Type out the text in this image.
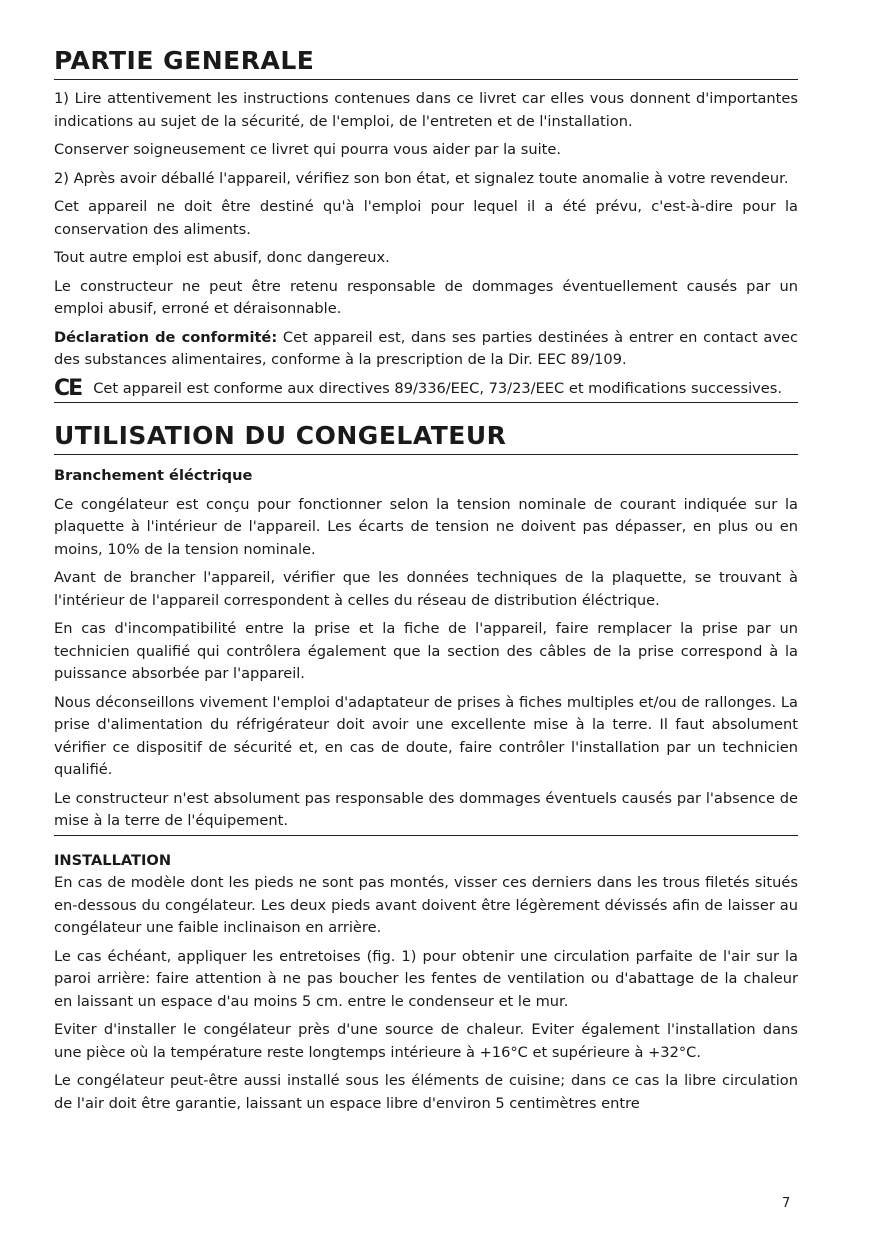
PARTIE GENERALE

1) Lire attentivement les instructions contenues dans ce livret car elles vous donnent d'importantes indications au sujet de la sécurité, de l'emploi, de l'entreten et de l'installation.

Conserver soigneusement ce livret qui pourra vous aider par la suite.

2) Après avoir déballé l'appareil, vérifiez son bon état, et signalez toute anomalie à votre revendeur.

Cet appareil ne doit être destiné qu'à l'emploi pour lequel il a été prévu, c'est-à-dire pour la conservation des aliments.

Tout autre emploi est abusif, donc dangereux.

Le constructeur ne peut être retenu responsable de dommages éventuellement causés par un emploi abusif, erroné et déraisonnable.

Déclaration de conformité: Cet appareil est, dans ses parties destinées à entrer en contact avec des substances alimentaires, conforme à la prescription de la Dir. EEC 89/109.

CE Cet appareil est conforme aux directives 89/336/EEC, 73/23/EEC et modifications successives.

UTILISATION DU CONGELATEUR

Branchement éléctrique

Ce congélateur est conçu pour fonctionner selon la tension nominale de courant indiquée sur la plaquette à l'intérieur de l'appareil. Les écarts de tension ne doivent pas dépasser, en plus ou en moins, 10% de la tension nominale.

Avant de brancher l'appareil, vérifier que les données techniques de la plaquette, se trouvant à l'intérieur de l'appareil correspondent à celles du réseau de distribution éléctrique.

En cas d'incompatibilité entre la prise et la fiche de l'appareil, faire remplacer la prise par un technicien qualifié qui contrôlera également que la section des câbles de la prise correspond à la puissance absorbée par l'appareil.

Nous déconseillons vivement l'emploi d'adaptateur de prises à fiches multiples et/ou de rallonges. La prise d'alimentation du réfrigérateur doit avoir une excellente mise à la terre. Il faut absolument vérifier ce dispositif de sécurité et, en cas de doute, faire contrôler l'installation par un technicien qualifié.

Le constructeur n'est absolument pas responsable des dommages éventuels causés par l'absence de mise à la terre de l'équipement.

INSTALLATION

En cas de modèle dont les pieds ne sont pas montés, visser ces derniers dans les trous filetés situés en-dessous du congélateur. Les deux pieds avant doivent être légèrement dévissés afin de laisser au congélateur une faible inclinaison en arrière.

Le cas échéant, appliquer les entretoises (fig. 1) pour obtenir une circulation parfaite de l'air sur la paroi arrière: faire attention à ne pas boucher les fentes de ventilation ou d'abattage de la chaleur en laissant un espace d'au moins 5 cm. entre le condenseur et le mur.

Eviter d'installer le congélateur près d'une source de chaleur. Eviter également l'installation dans une pièce où la température reste longtemps intérieure à +16°C et supérieure à +32°C.

Le congélateur peut-être aussi installé sous les éléments de cuisine; dans ce cas la libre circulation de l'air doit être garantie, laissant un espace libre d'environ 5 centimètres entre

7
